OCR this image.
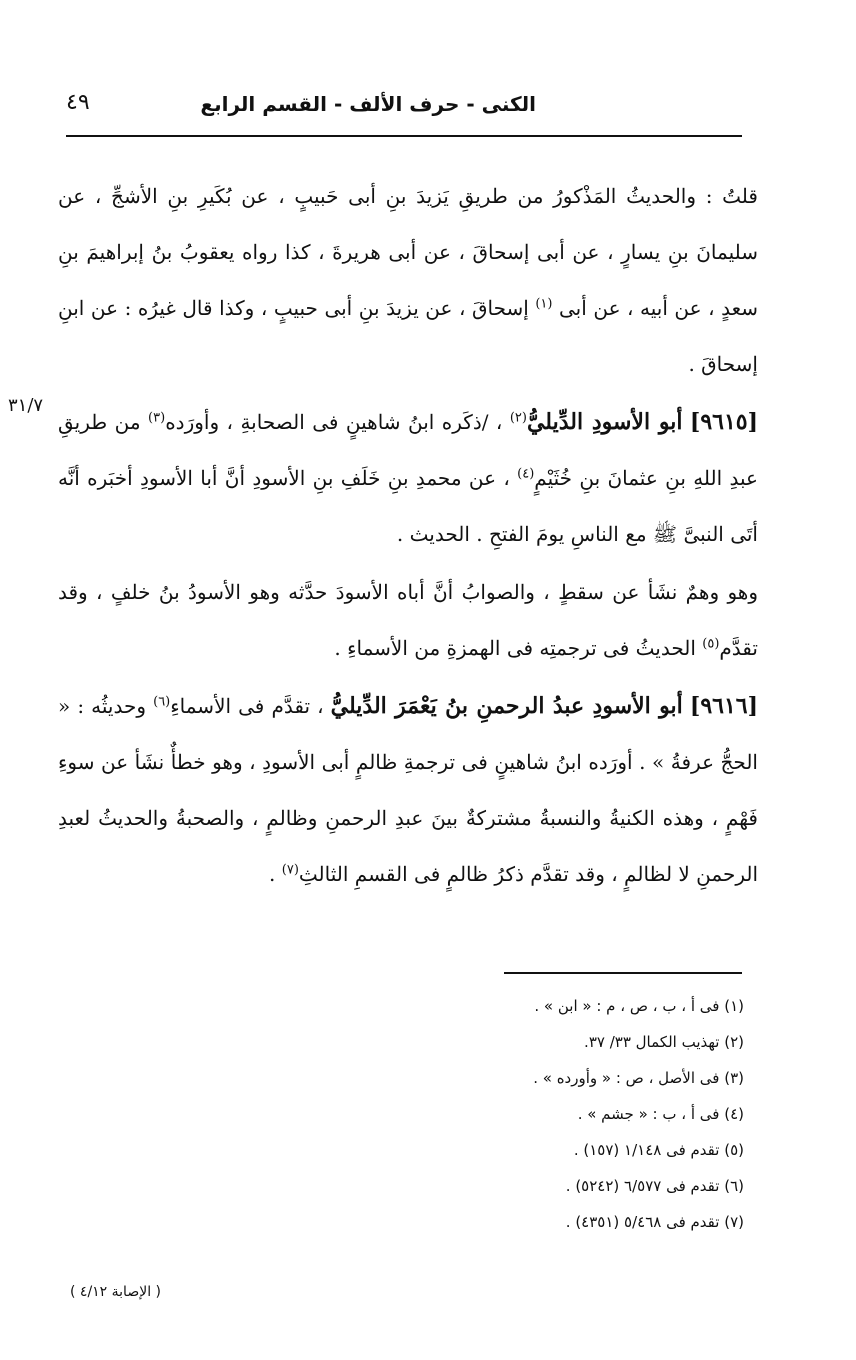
الكنى - حرف الألف - القسم الرابع
٤٩
٣١/٧

قلتُ : والحديثُ المَذْكورُ من طريقِ يَزيدَ بنِ أبى حَبيبٍ ، عن بُكَيرِ بنِ الأشجِّ ، عن سليمانَ بنِ يسارٍ ، عن أبى إسحاقَ ، عن أبى هريرةَ ، كذا رواه يعقوبُ بنُ إبراهيمَ بنِ سعدٍ ، عن أبيه ، عن أبى $^{(١)}$ إسحاقَ ، عن يزيدَ بنِ أبى حبيبٍ ، وكذا قال غيرُه : عن ابنِ إسحاقَ .

[٩٦١٥] أبو الأسودِ الدِّيليُّ$^{(٢)}$ ، /ذكَره ابنُ شاهينٍ فى الصحابةِ ، وأورَده$^{(٣)}$ من طريقِ عبدِ اللهِ بنِ عثمانَ بنِ خُثَيْمٍ$^{(٤)}$ ، عن محمدِ بنِ خَلَفِ بنِ الأسودِ أنَّ أبا الأسودِ أخبَره أنَّه أتَى النبىَّ ﷺ مع الناسِ يومَ الفتحِ . الحديث .

وهو وهمٌ نشَأ عن سقطٍ ، والصوابُ أنَّ أباه الأسودَ حدَّثه وهو الأسودُ بنُ خلفٍ ، وقد تقدَّم$^{(٥)}$ الحديثُ فى ترجمتِه فى الهمزةِ من الأسماءِ .

[٩٦١٦] أبو الأسودِ عبدُ الرحمنِ بنُ يَعْمَرَ الدِّيليُّ ، تقدَّم فى الأسماءِ$^{(٦)}$ وحديثُه : « الحجُّ عرفةُ » . أورَده ابنُ شاهينٍ فى ترجمةِ ظالمٍ أبى الأسودِ ، وهو خطأٌ نشَأ عن سوءِ فَهْمٍ ، وهذه الكنيةُ والنسبةُ مشتركةٌ بينَ عبدِ الرحمنِ وظالمٍ ، والصحبةُ والحديثُ لعبدِ الرحمنِ لا لظالمٍ ، وقد تقدَّم ذكرُ ظالمٍ فى القسمِ الثالثِ$^{(٧)}$ .

(١) فى أ ، ب ، ص ، م : « ابن » .
(٢) تهذيب الكمال ٣٣/ ٣٧.
(٣) فى الأصل ، ص : « وأورده » .
(٤) فى أ ، ب : « جشم » .
(٥) تقدم فى ١/١٤٨ (١٥٧) .
(٦) تقدم فى ٦/٥٧٧ (٥٢٤٢) .
(٧) تقدم فى ٥/٤٦٨ (٤٣٥١) .
( الإصابة ٤/١٢ )
